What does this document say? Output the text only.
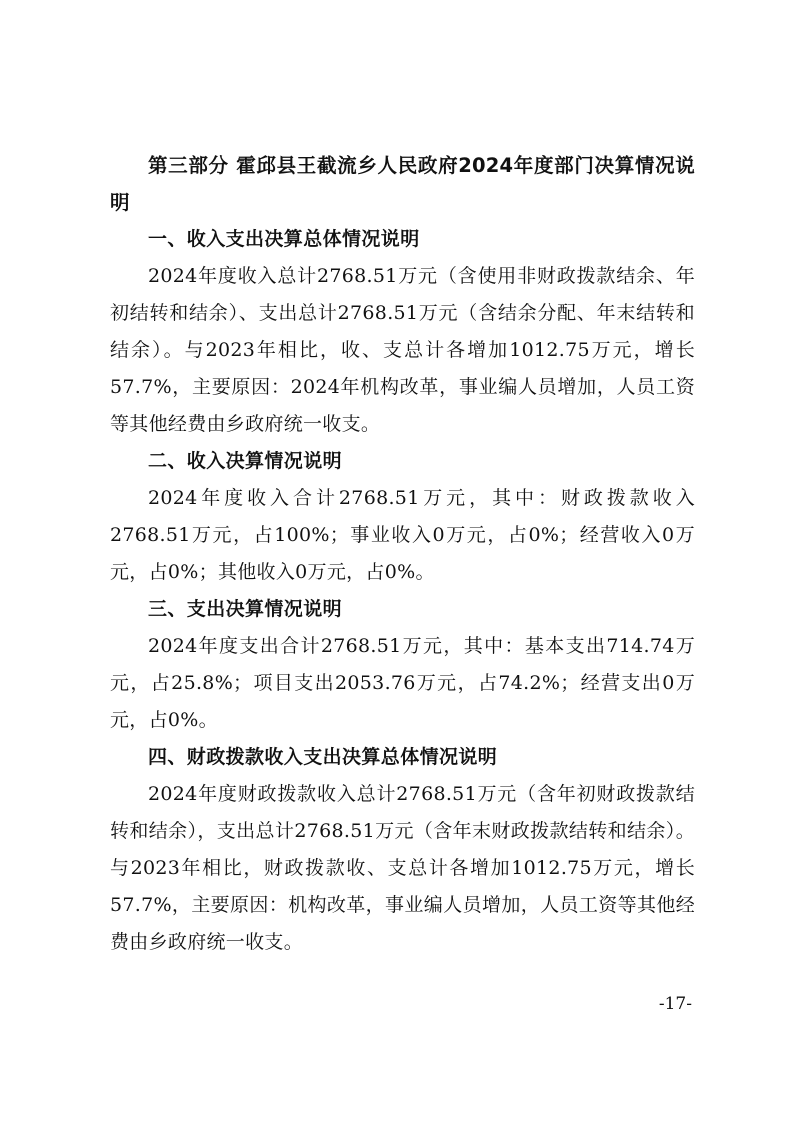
第三部分 霍邱县王截流乡人民政府2024年度部门决算情况说明

一、收入支出决算总体情况说明

2024年度收入总计2768.51万元（含使用非财政拨款结余、年初结转和结余）、支出总计2768.51万元（含结余分配、年末结转和结余）。与2023年相比，收、支总计各增加1012.75万元，增长57.7%，主要原因：2024年机构改革，事业编人员增加，人员工资等其他经费由乡政府统一收支。

二、收入决算情况说明

2024年度收入合计2768.51万元，其中：财政拨款收入2768.51万元，占100%；事业收入0万元，占0%；经营收入0万元，占0%；其他收入0万元，占0%。

三、支出决算情况说明

2024年度支出合计2768.51万元，其中：基本支出714.74万元，占25.8%；项目支出2053.76万元，占74.2%；经营支出0万元，占0%。

四、财政拨款收入支出决算总体情况说明

2024年度财政拨款收入总计2768.51万元（含年初财政拨款结转和结余），支出总计2768.51万元（含年末财政拨款结转和结余）。与2023年相比，财政拨款收、支总计各增加1012.75万元，增长57.7%，主要原因：机构改革，事业编人员增加，人员工资等其他经费由乡政府统一收支。

-17-
